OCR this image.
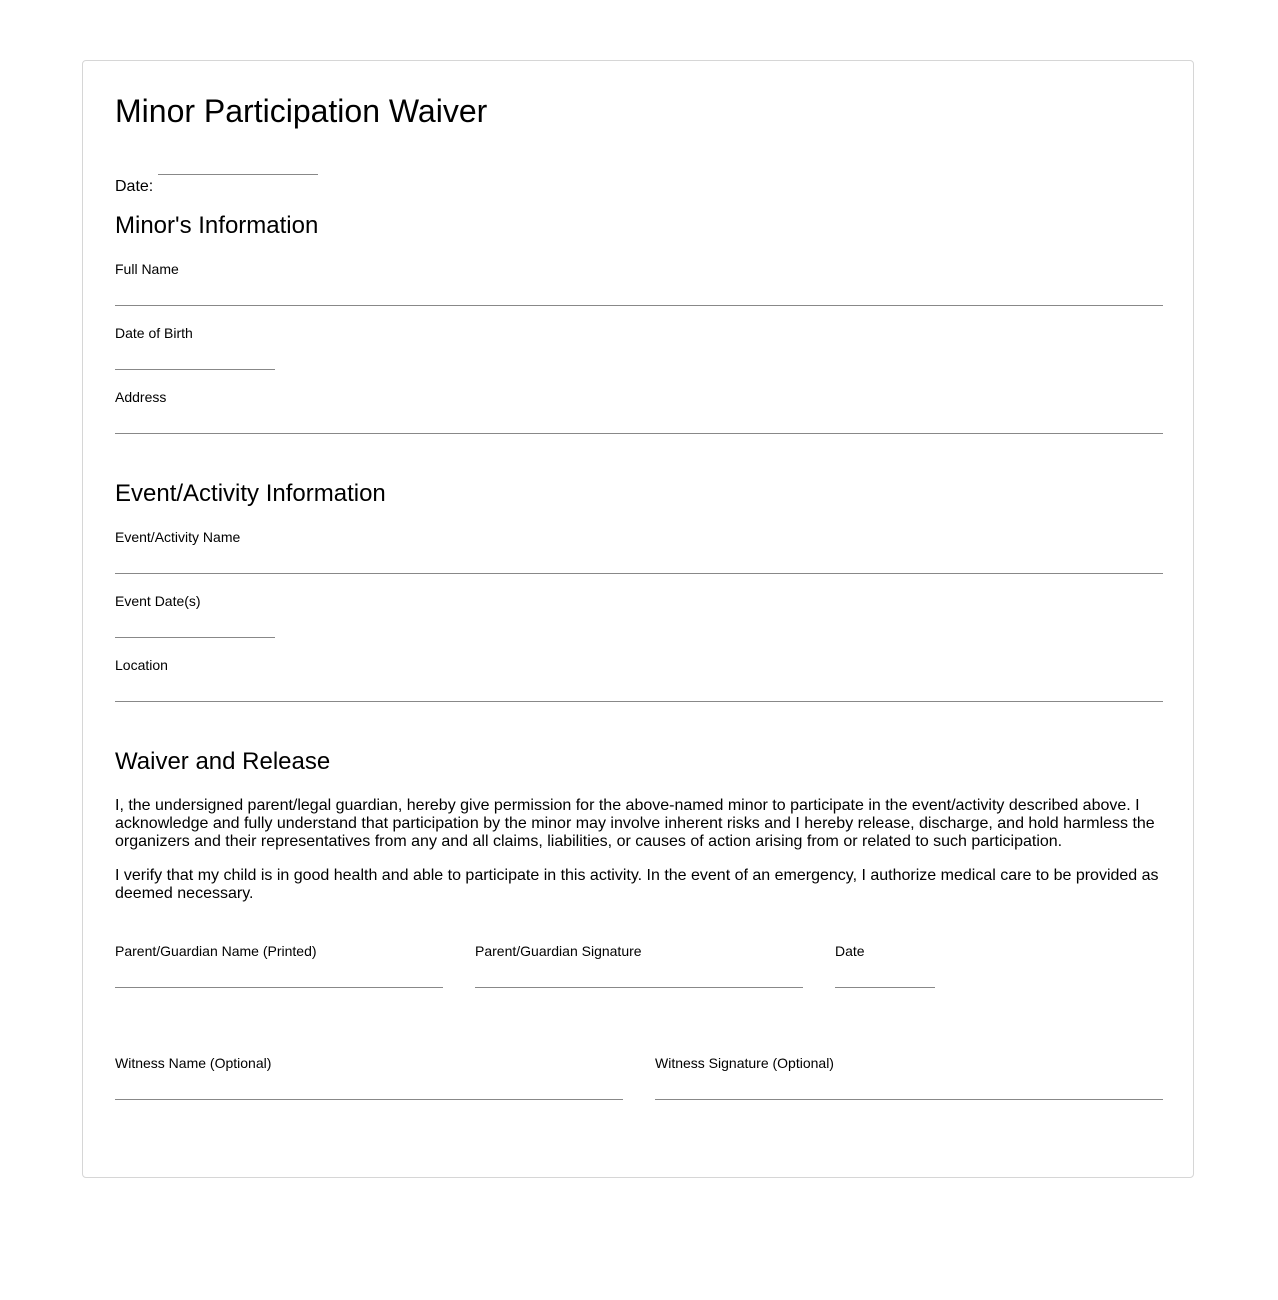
Minor Participation Waiver
Date:
Minor's Information
Full Name
Date of Birth
Address
Event/Activity Information
Event/Activity Name
Event Date(s)
Location
Waiver and Release

I, the undersigned parent/legal guardian, hereby give permission for the above-named minor to participate in the event/activity described above. I acknowledge and fully understand that participation by the minor may involve inherent risks and I hereby release, discharge, and hold harmless the organizers and their representatives from any and all claims, liabilities, or causes of action arising from or related to such participation.

I verify that my child is in good health and able to participate in this activity. In the event of an emergency, I authorize medical care to be provided as deemed necessary.

Parent/Guardian Name (Printed)	Parent/Guardian Signature	Date
Witness Name (Optional)	Witness Signature (Optional)
